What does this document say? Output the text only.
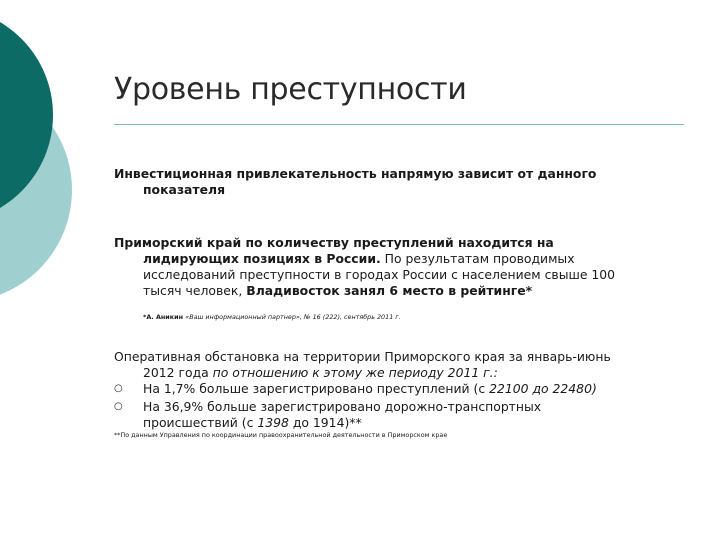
Уровень преступности
Инвестиционная привлекательность напрямую зависит от данного
показателя
Приморский край по количеству преступлений находится на
лидирующих позициях в России. По результатам проводимых
исследований преступности в городах России с населением свыше 100
тысяч человек, Владивосток занял 6 место в рейтинге*
*А. Аникин «Ваш информационный партнер», № 16 (222), сентябрь 2011 г.
Оперативная обстановка на территории Приморского края за январь-июнь
2012 года по отношению к этому же периоду 2011 г.:
○	На 1,7% больше зарегистрировано преступлений (с 22100 до 22480)
○	На 36,9% больше зарегистрировано дорожно-транспортных
происшествий (с 1398 до 1914)**
**По данным Управления по координации правоохранительной деятельности в Приморском крае
